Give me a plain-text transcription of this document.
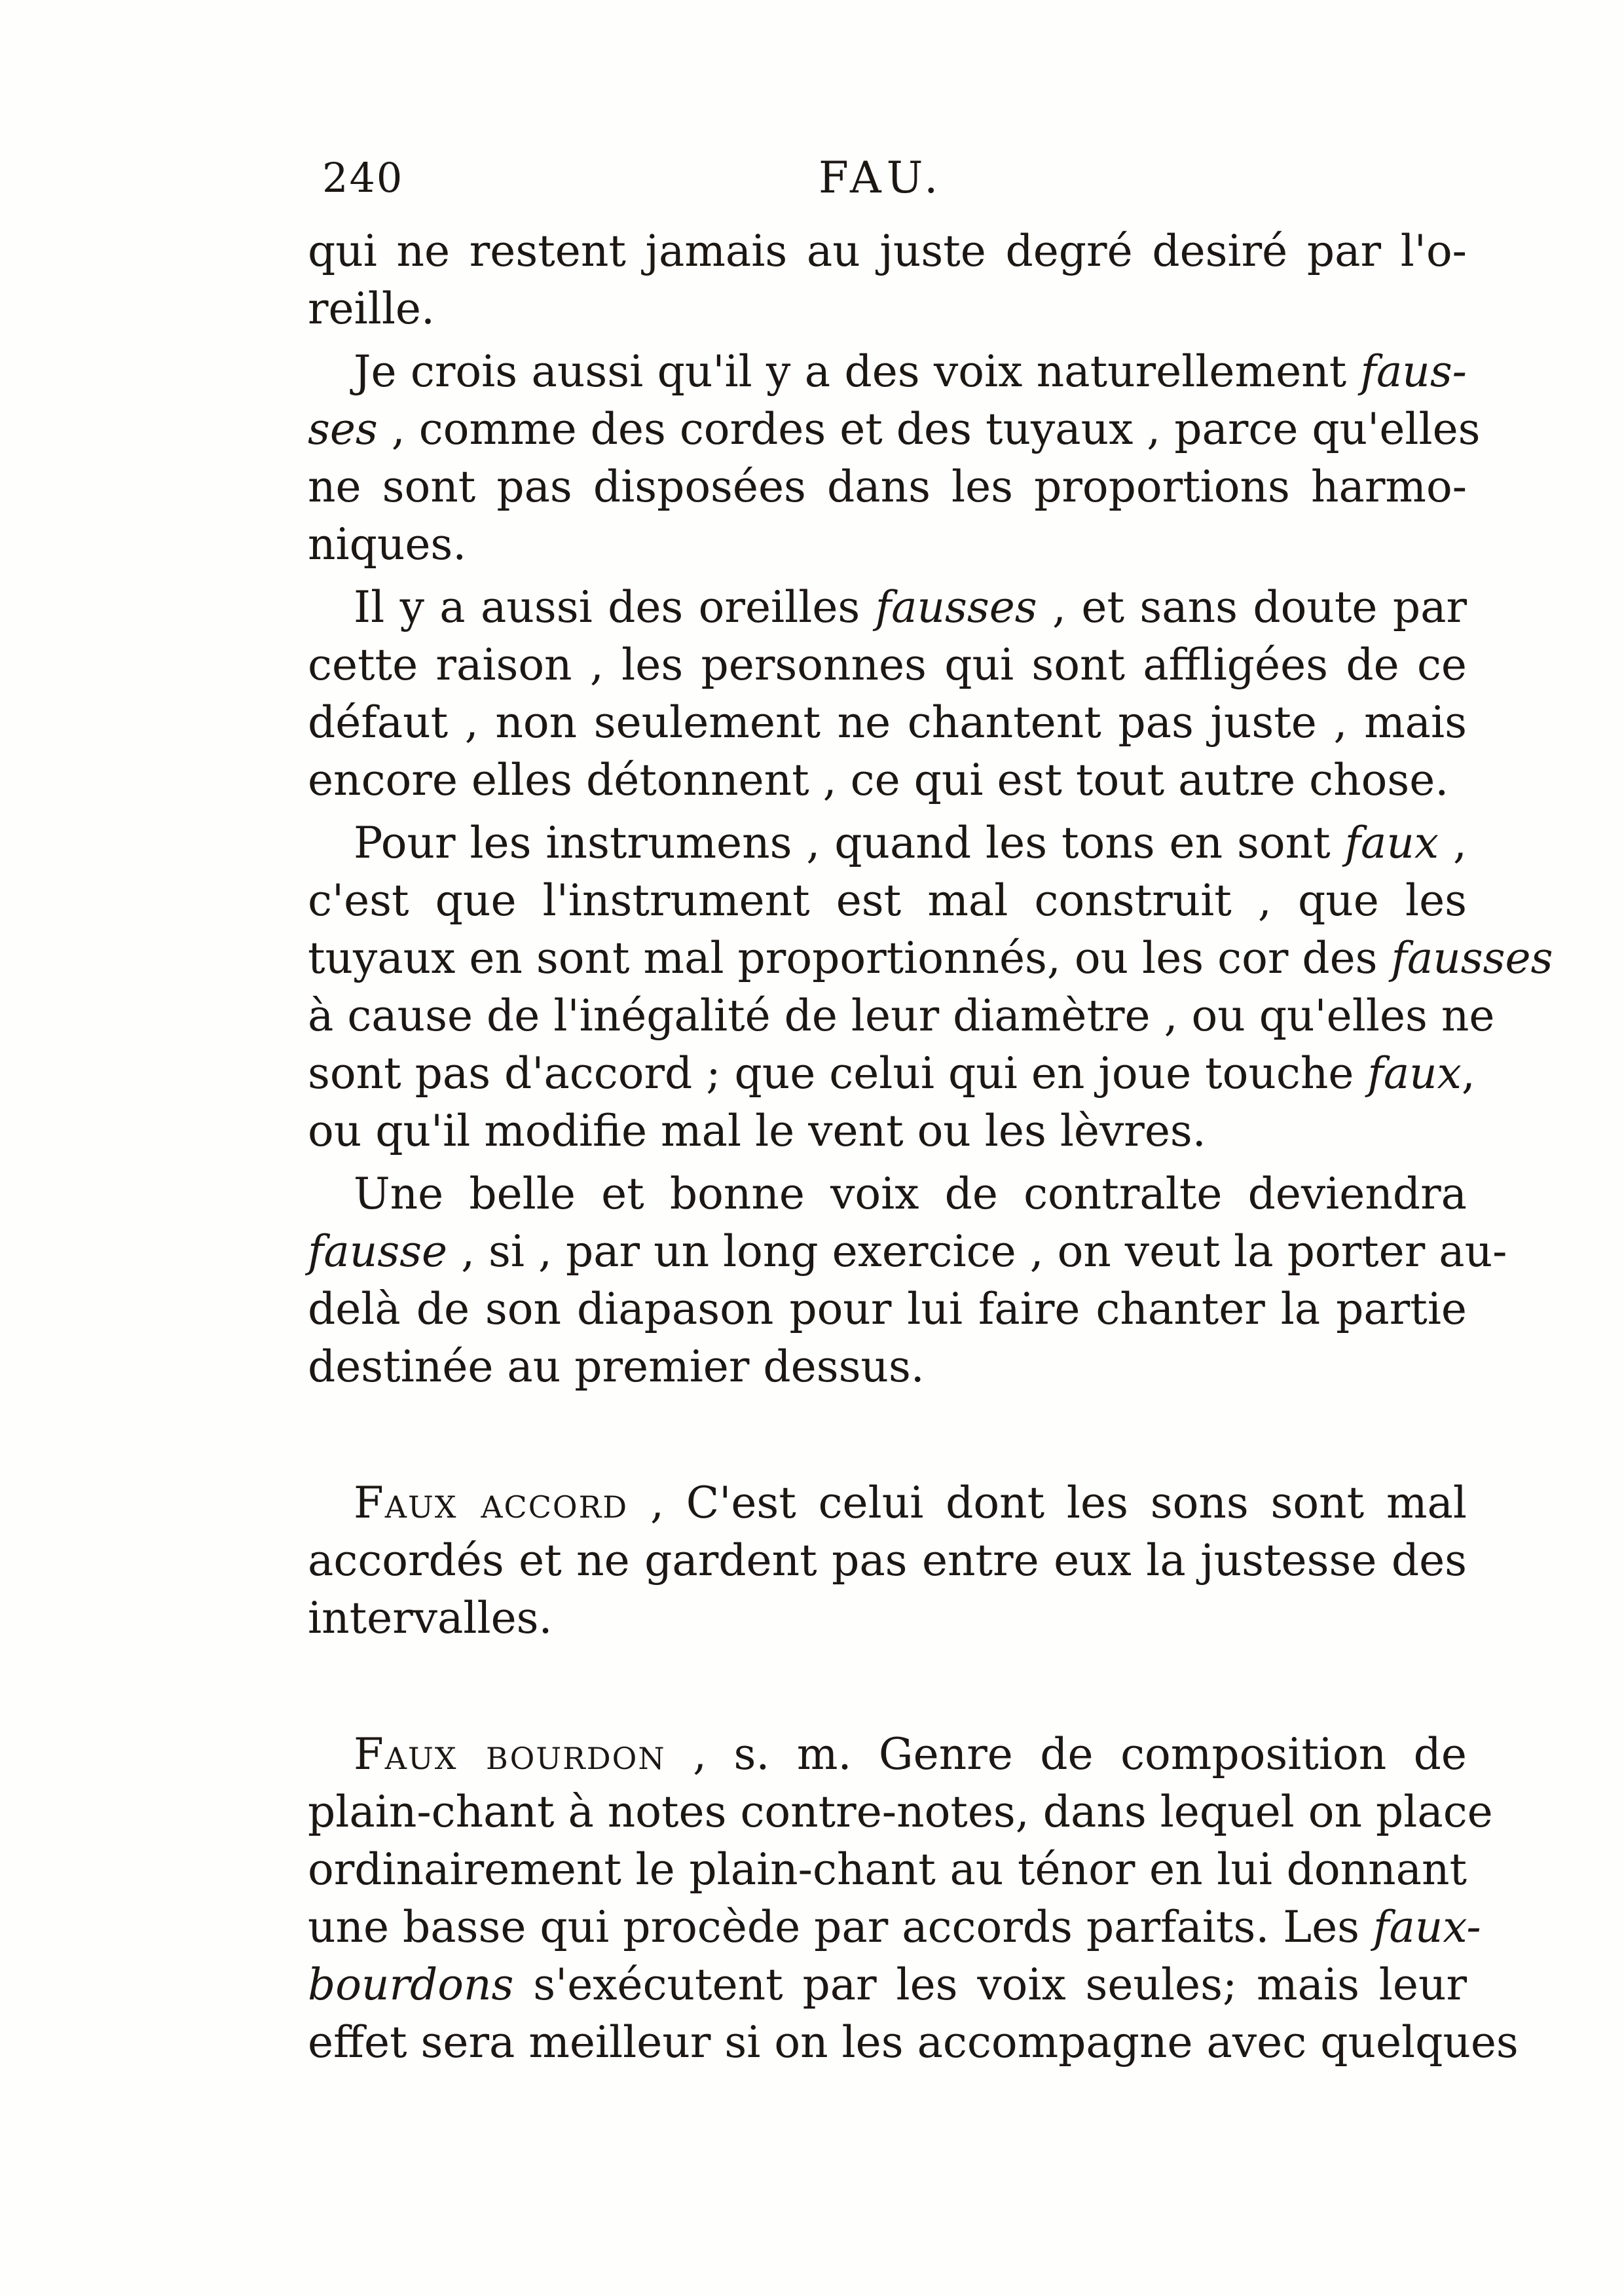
240	FAU.

qui ne restent jamais au juste degré desiré par l'o-
reille.

Je crois aussi qu'il y a des voix naturellement faus-
ses , comme des cordes et des tuyaux , parce qu'elles
ne sont pas disposées dans les proportions harmo-
niques.

Il y a aussi des oreilles fausses , et sans doute par
cette raison , les personnes qui sont affligées de ce
défaut , non seulement ne chantent pas juste , mais
encore elles détonnent , ce qui est tout autre chose.

Pour les instrumens , quand les tons en sont faux ,
c'est que l'instrument est mal construit , que les
tuyaux en sont mal proportionnés, ou les cor des fausses
à cause de l'inégalité de leur diamètre , ou qu'elles ne
sont pas d'accord ; que celui qui en joue touche faux,
ou qu'il modifie mal le vent ou les lèvres.

Une belle et bonne voix de contralte deviendra
fausse , si , par un long exercice , on veut la porter au-
delà de son diapason pour lui faire chanter la partie
destinée au premier dessus.

Faux accord , C'est celui dont les sons sont mal
accordés et ne gardent pas entre eux la justesse des
intervalles.

Faux bourdon , s. m. Genre de composition de
plain-chant à notes contre-notes, dans lequel on place
ordinairement le plain-chant au ténor en lui donnant
une basse qui procède par accords parfaits. Les faux-
bourdons s'exécutent par les voix seules; mais leur
effet sera meilleur si on les accompagne avec quelques
